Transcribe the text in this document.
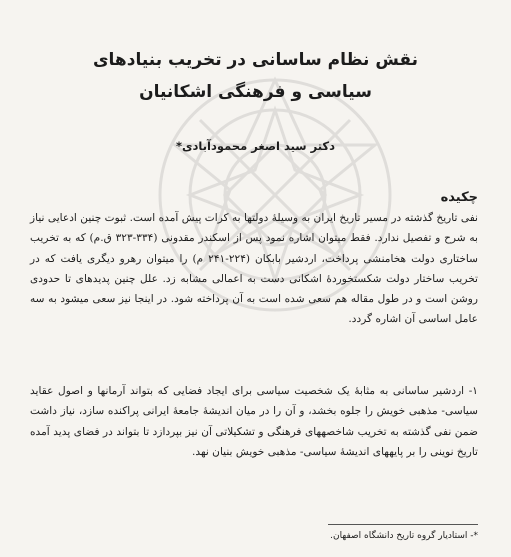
نقش نظام ساسانی در تخریب بنیادهای
سیاسی و فرهنگی اشکانیان
دکتر سید اصغر محمودآبادی*
چکیده
نفی تاریخ گذشته در مسیر تاریخ ایران به وسیلهٔ دولتها به کرات پیش آمده است. ثبوت چنین ادعایی نیاز به شرح و تفصیل ندارد. فقط میتوان اشاره نمود پس از اسکندر مقدونی (۳۳۴-۳۲۳ ق.م) که به تخریب ساختاری دولت هخامنشی پرداخت، اردشیر بابکان (۲۲۴-۲۴۱ م) را میتوان رهرو دیگری یافت که در تخریب ساختار دولت شکستخوردهٔ اشکانی دست به اعمالی مشابه زد. علل چنین پدیدهای تا حدودی روشن است و در طول مقاله هم سعی شده است به آن پرداخته شود. در اینجا نیز سعی میشود به سه عامل اساسی آن اشاره گردد.
۱- اردشیر ساسانی به مثابهٔ یک شخصیت سیاسی برای ایجاد فضایی که بتواند آرمانها و اصول عقاید سیاسی- مذهبی خویش را جلوه بخشد، و آن را در میان اندیشهٔ جامعهٔ ایرانی پراکنده سازد، نیاز داشت ضمن نفی گذشته به تخریب شاخصههای فرهنگی و تشکیلاتی آن نیز بپردازد تا بتواند در فضای پدید آمده تاریخ نوینی را بر پایههای اندیشهٔ سیاسی- مذهبی خویش بنیان نهد.
*- استادیار گروه تاریخ دانشگاه اصفهان.
